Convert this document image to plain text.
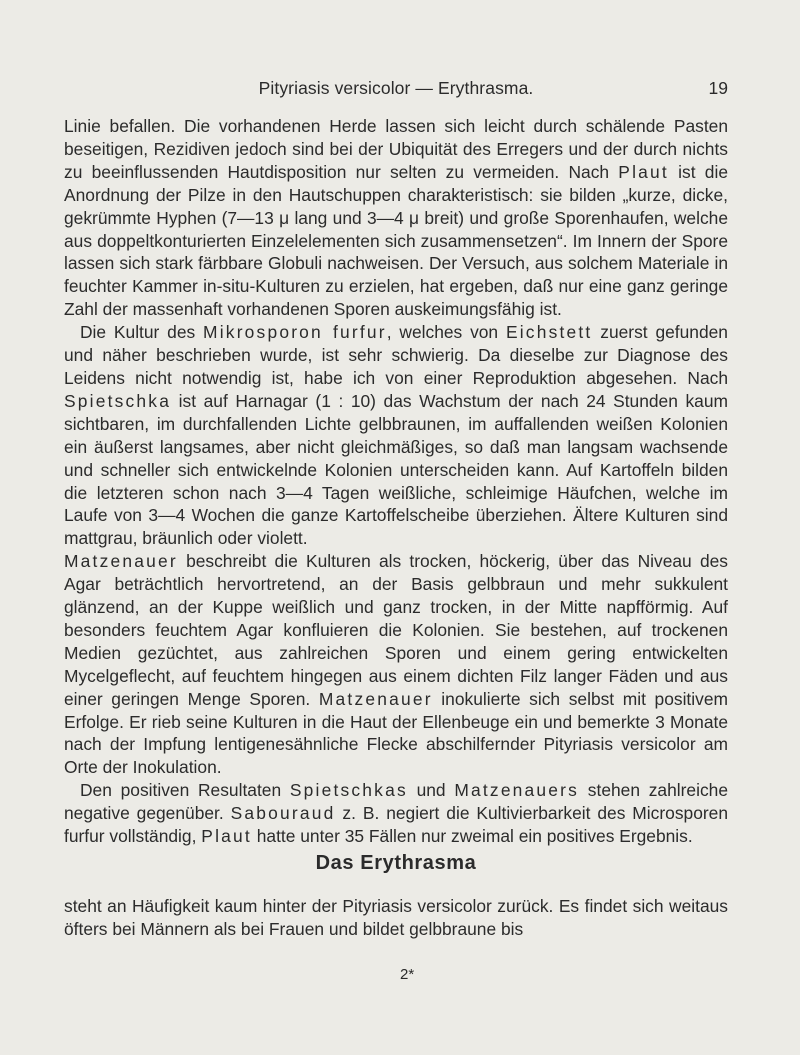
Pityriasis versicolor — Erythrasma.	19

Linie befallen. Die vorhandenen Herde lassen sich leicht durch schälende Pasten beseitigen, Rezidiven jedoch sind bei der Ubiquität des Erregers und der durch nichts zu beeinflussenden Hautdisposition nur selten zu vermeiden. Nach Plaut ist die Anordnung der Pilze in den Hautschuppen charakteristisch: sie bilden „kurze, dicke, gekrümmte Hyphen (7—13 μ lang und 3—4 μ breit) und große Sporenhaufen, welche aus doppeltkonturierten Einzelelementen sich zusammensetzen“. Im Innern der Spore lassen sich stark färbbare Globuli nachweisen. Der Versuch, aus solchem Materiale in feuchter Kammer in-situ-Kulturen zu erzielen, hat ergeben, daß nur eine ganz geringe Zahl der massenhaft vorhandenen Sporen auskeimungsfähig ist.

Die Kultur des Mikrosporon furfur, welches von Eichstett zuerst gefunden und näher beschrieben wurde, ist sehr schwierig. Da dieselbe zur Diagnose des Leidens nicht notwendig ist, habe ich von einer Reproduktion abgesehen. Nach Spietschka ist auf Harnagar (1 : 10) das Wachstum der nach 24 Stunden kaum sichtbaren, im durchfallenden Lichte gelbbraunen, im auffallenden weißen Kolonien ein äußerst langsames, aber nicht gleichmäßiges, so daß man langsam wachsende und schneller sich entwickelnde Kolonien unterscheiden kann. Auf Kartoffeln bilden die letzteren schon nach 3—4 Tagen weißliche, schleimige Häufchen, welche im Laufe von 3—4 Wochen die ganze Kartoffelscheibe überziehen. Ältere Kulturen sind mattgrau, bräunlich oder violett.

Matzenauer beschreibt die Kulturen als trocken, höckerig, über das Niveau des Agar beträchtlich hervortretend, an der Basis gelbbraun und mehr sukkulent glänzend, an der Kuppe weißlich und ganz trocken, in der Mitte napfförmig. Auf besonders feuchtem Agar konfluieren die Kolonien. Sie bestehen, auf trockenen Medien gezüchtet, aus zahlreichen Sporen und einem gering entwickelten Mycelgeflecht, auf feuchtem hingegen aus einem dichten Filz langer Fäden und aus einer geringen Menge Sporen. Matzenauer inokulierte sich selbst mit positivem Erfolge. Er rieb seine Kulturen in die Haut der Ellenbeuge ein und bemerkte 3 Monate nach der Impfung lentigenesähnliche Flecke abschilfernder Pityriasis versicolor am Orte der Inokulation.

Den positiven Resultaten Spietschkas und Matzenauers stehen zahlreiche negative gegenüber. Sabouraud z. B. negiert die Kultivierbarkeit des Microsporen furfur vollständig, Plaut hatte unter 35 Fällen nur zweimal ein positives Ergebnis.

Das Erythrasma

steht an Häufigkeit kaum hinter der Pityriasis versicolor zurück. Es findet sich weitaus öfters bei Männern als bei Frauen und bildet gelbbraune bis

2*
